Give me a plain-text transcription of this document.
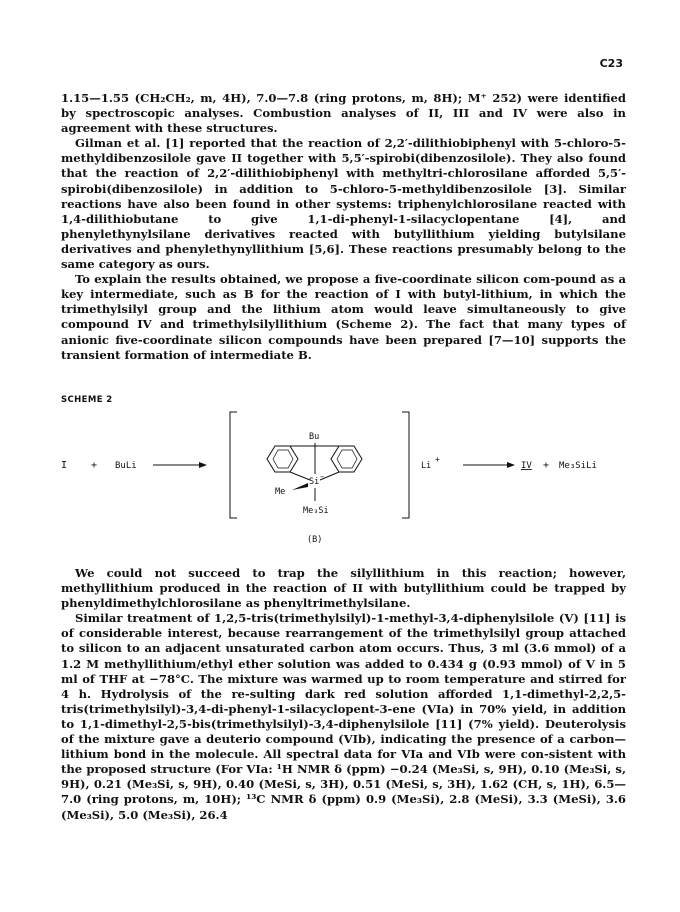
C23

1.15—1.55 (CH₂CH₂, m, 4H), 7.0—7.8 (ring protons, m, 8H); M⁺ 252) were identified by spectroscopic analyses. Combustion analyses of II, III and IV were also in agreement with these structures.

Gilman et al. [1] reported that the reaction of 2,2′-dilithiobiphenyl with 5-chloro-5-methyldibenzosilole gave II together with 5,5′-spirobi(dibenzosilole). They also found that the reaction of 2,2′-dilithiobiphenyl with methyltri-chlorosilane afforded 5,5′-spirobi(dibenzosilole) in addition to 5-chloro-5-methyldibenzosilole [3]. Similar reactions have also been found in other systems: triphenylchlorosilane reacted with 1,4-dilithiobutane to give 1,1-di-phenyl-1-silacyclopentane [4], and phenylethynylsilane derivatives reacted with butyllithium yielding butylsilane derivatives and phenylethynyllithium [5,6]. These reactions presumably belong to the same category as ours.

To explain the results obtained, we propose a five-coordinate silicon com-pound as a key intermediate, such as B for the reaction of I with butyl-lithium, in which the trimethylsilyl group and the lithium atom would leave simultaneously to give compound IV and trimethylsilyllithium (Scheme 2). The fact that many types of anionic five-coordinate silicon compounds have been prepared [7—10] supports the transient formation of intermediate B.

SCHEME 2
I + BuLi
Bu
Si −
Me
Me₃Si
Li
+
IV + Me₃SiLi
(B)

We could not succeed to trap the silyllithium in this reaction; however, methyllithium produced in the reaction of II with butyllithium could be trapped by phenyldimethylchlorosilane as phenyltrimethylsilane.

Similar treatment of 1,2,5-tris(trimethylsilyl)-1-methyl-3,4-diphenylsilole (V) [11] is of considerable interest, because rearrangement of the trimethylsilyl group attached to silicon to an adjacent unsaturated carbon atom occurs. Thus, 3 ml (3.6 mmol) of a 1.2 M methyllithium/ethyl ether solution was added to 0.434 g (0.93 mmol) of V in 5 ml of THF at −78°C. The mixture was warmed up to room temperature and stirred for 4 h. Hydrolysis of the re-sulting dark red solution afforded 1,1-dimethyl-2,2,5-tris(trimethylsilyl)-3,4-di-phenyl-1-silacyclopent-3-ene (VIa) in 70% yield, in addition to 1,1-dimethyl-2,5-bis(trimethylsilyl)-3,4-diphenylsilole [11] (7% yield). Deuterolysis of the mixture gave a deuterio compound (VIb), indicating the presence of a carbon—lithium bond in the molecule. All spectral data for VIa and VIb were con-sistent with the proposed structure (For VIa: ¹H NMR δ (ppm) −0.24 (Me₃Si, s, 9H), 0.10 (Me₃Si, s, 9H), 0.21 (Me₃Si, s, 9H), 0.40 (MeSi, s, 3H), 0.51 (MeSi, s, 3H), 1.62 (CH, s, 1H), 6.5—7.0 (ring protons, m, 10H); ¹³C NMR δ (ppm) 0.9 (Me₃Si), 2.8 (MeSi), 3.3 (MeSi), 3.6 (Me₃Si), 5.0 (Me₃Si), 26.4
